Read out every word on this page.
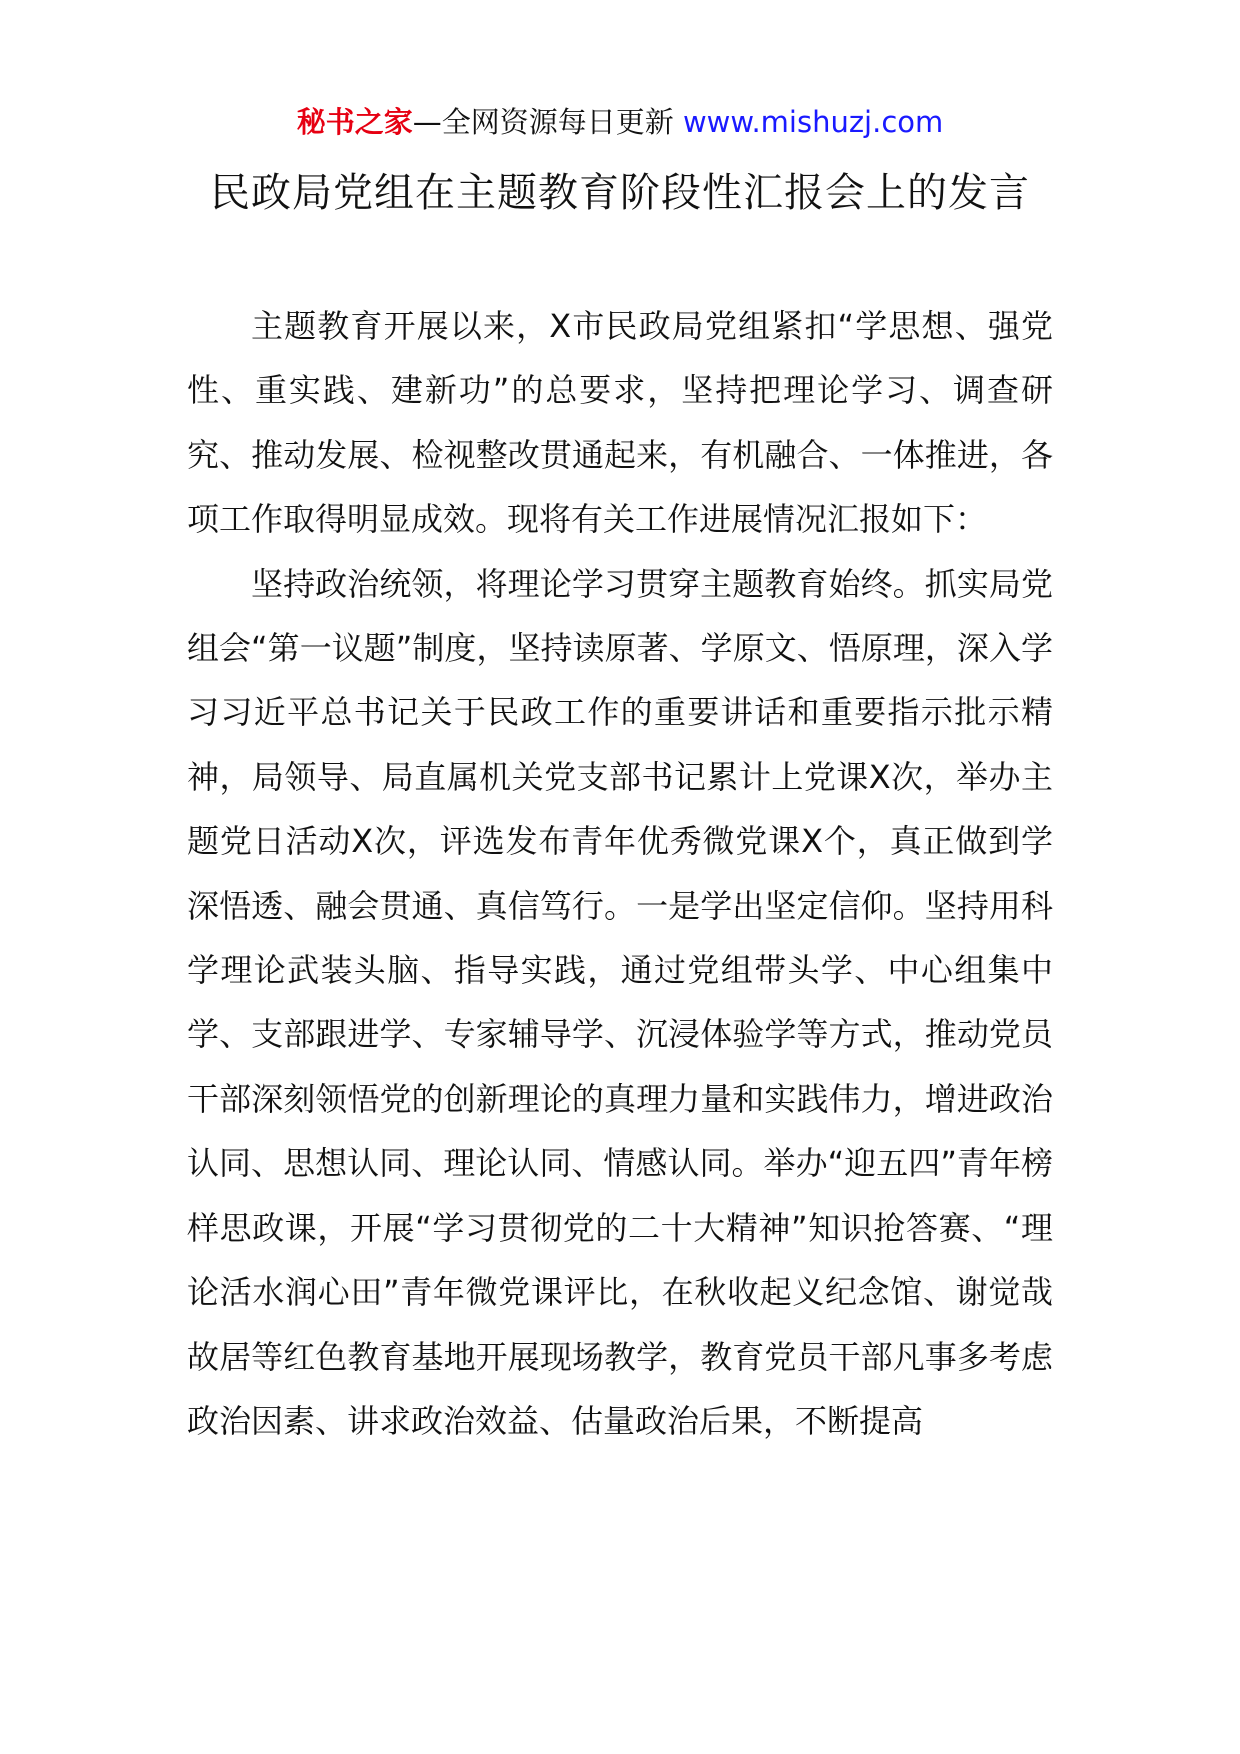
秘书之家—全网资源每日更新 www.mishuzj.com
民政局党组在主题教育阶段性汇报会上的发言

主题教育开展以来，X市民政局党组紧扣“学思想、强党性、重实践、建新功”的总要求，坚持把理论学习、调查研究、推动发展、检视整改贯通起来，有机融合、一体推进，各项工作取得明显成效。现将有关工作进展情况汇报如下：

坚持政治统领，将理论学习贯穿主题教育始终。抓实局党组会“第一议题”制度，坚持读原著、学原文、悟原理，深入学习习近平总书记关于民政工作的重要讲话和重要指示批示精神，局领导、局直属机关党支部书记累计上党课X次，举办主题党日活动X次，评选发布青年优秀微党课X个，真正做到学深悟透、融会贯通、真信笃行。一是学出坚定信仰。坚持用科学理论武装头脑、指导实践，通过党组带头学、中心组集中学、支部跟进学、专家辅导学、沉浸体验学等方式，推动党员干部深刻领悟党的创新理论的真理力量和实践伟力，增进政治认同、思想认同、理论认同、情感认同。举办“迎五四”青年榜样思政课，开展“学习贯彻党的二十大精神”知识抢答赛、“理论活水润心田”青年微党课评比，在秋收起义纪念馆、谢觉哉故居等红色教育基地开展现场教学，教育党员干部凡事多考虑政治因素、讲求政治效益、估量政治后果，不断提高
